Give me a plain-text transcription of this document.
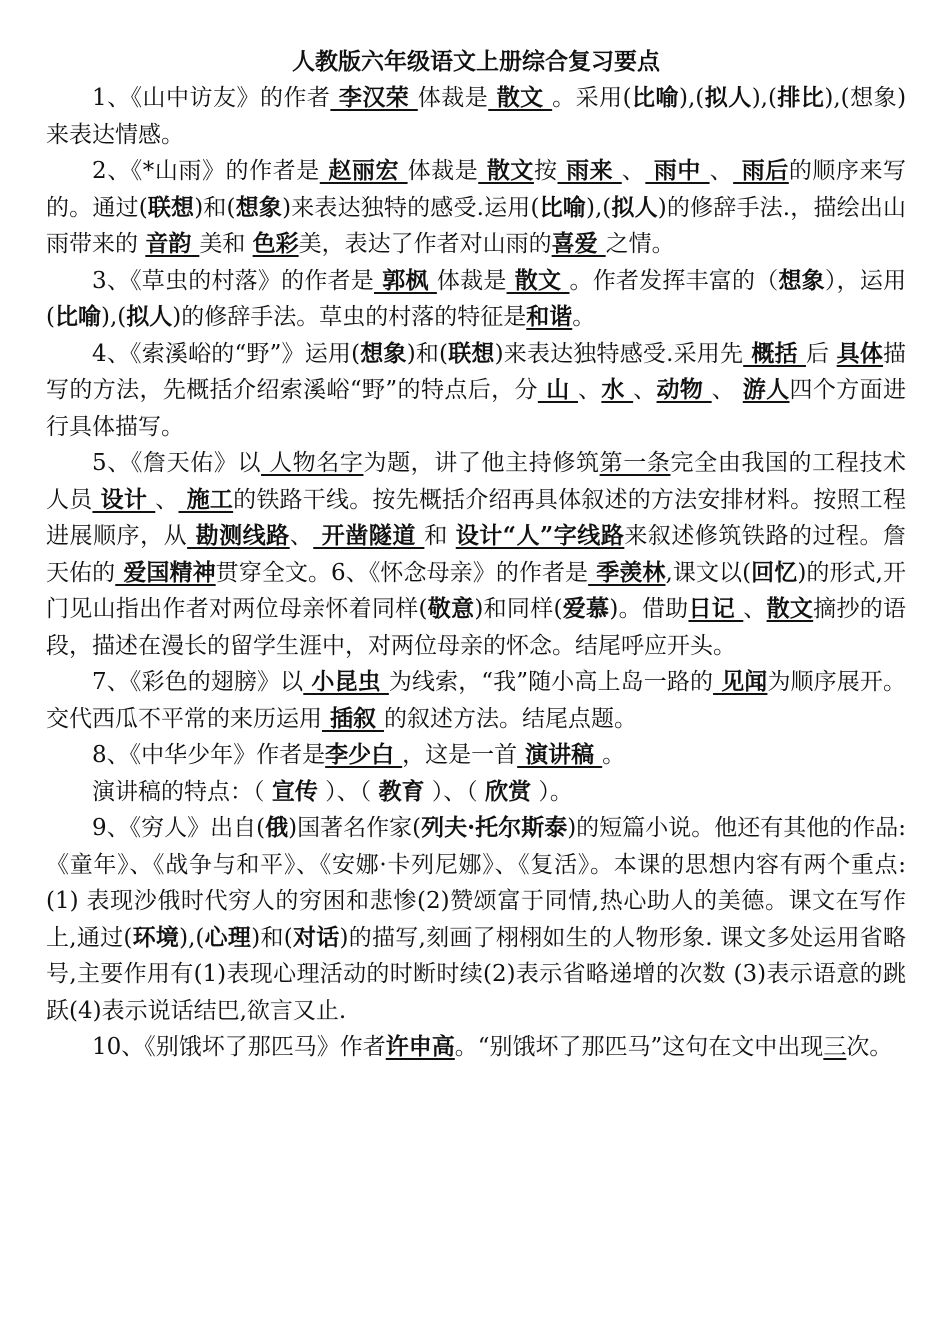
人教版六年级语文上册综合复习要点

1、《山中访友》的作者 李汉荣 体裁是 散文 。采用(比喻),(拟人),(排比),(想象)来表达情感。

2、《*山雨》的作者是 赵丽宏 体裁是 散文按 雨来 、 雨中 、 雨后的顺序来写的。通过(联想)和(想象)来表达独特的感受.运用(比喻),(拟人)的修辞手法.，描绘出山雨带来的 音韵 美和 色彩美，表达了作者对山雨的喜爱 之情。

3、《草虫的村落》的作者是 郭枫 体裁是 散文 。作者发挥丰富的（想象），运用(比喻),(拟人)的修辞手法。草虫的村落的特征是和谐。

4、《索溪峪的“野”》运用(想象)和(联想)来表达独特感受.采用先 概括 后 具体描写的方法，先概括介绍索溪峪“野”的特点后，分 山 、水 、动物 、 游人四个方面进行具体描写。

5、《詹天佑》以 人物名字为题，讲了他主持修筑第一条完全由我国的工程技术人员 设计 、 施工的铁路干线。按先概括介绍再具体叙述的方法安排材料。按照工程进展顺序，从 勘测线路、 开凿隧道 和 设计“人”字线路来叙述修筑铁路的过程。詹天佑的 爱国精神贯穿全文。6、《怀念母亲》的作者是 季羡林,课文以(回忆)的形式,开门见山指出作者对两位母亲怀着同样(敬意)和同样(爱慕)。借助日记 、散文摘抄的语段，描述在漫长的留学生涯中，对两位母亲的怀念。结尾呼应开头。

7、《彩色的翅膀》以 小昆虫 为线索，“我”随小高上岛一路的 见闻为顺序展开。交代西瓜不平常的来历运用 插叙 的叙述方法。结尾点题。

8、《中华少年》作者是李少白 ，这是一首 演讲稿 。

演讲稿的特点：（ 宣传 ）、（ 教育 ）、（ 欣赏 ）。

9、《穷人》出自(俄)国著名作家(列夫·托尔斯泰)的短篇小说。他还有其他的作品:《童年》、《战争与和平》、《安娜·卡列尼娜》、《复活》。本课的思想内容有两个重点:(1) 表现沙俄时代穷人的穷困和悲惨(2)赞颂富于同情,热心助人的美德。课文在写作上,通过(环境),(心理)和(对话)的描写,刻画了栩栩如生的人物形象. 课文多处运用省略号,主要作用有(1)表现心理活动的时断时续(2)表示省略递增的次数 (3)表示语意的跳跃(4)表示说话结巴,欲言又止.

10、《别饿坏了那匹马》作者许申高。“别饿坏了那匹马”这句在文中出现三次。
